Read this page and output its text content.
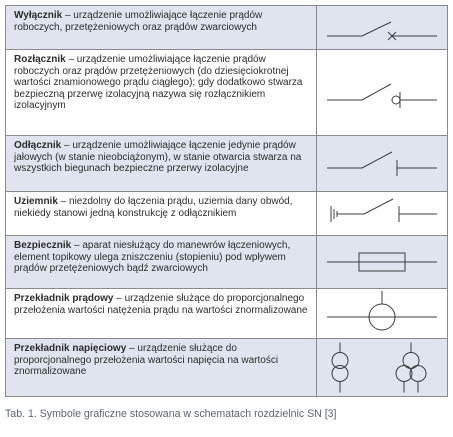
Wyłącznik – urządzenie umożliwiające łączenie prądów roboczych, przetężeniowych oraz prądów zwarciowych
Rozłącznik – urządzenie umożliwiające łączenie prądów roboczych oraz prądów przetężeniowych (do dziesięciokrotnej wartości znamionowego prądu ciągłego); gdy dodatkowo stwarza bezpieczną przerwę izolacyjną nazywa się rozłącznikiem izolacyjnym
Odłącznik – urządzenie umożliwiające łączenie jedynie prądów jałowych (w stanie nieobciążonym), w stanie otwarcia stwarza na wszystkich biegunach bezpieczne przerwy izolacyjne
Uziemnik – niezdolny do łączenia prądu, uziemia dany obwód, niekiedy stanowi jedną konstrukcję z odłącznikiem
Bezpiecznik – aparat niesłużący do manewrów łączeniowych, element topikowy ulega zniszczeniu (stopieniu) pod wpływem prądów przetężeniowych bądź zwarciowych
Przekładnik prądowy – urządzenie służące do proporcjonalnego przełożenia wartości natężenia prądu na wartości znormalizowane
Przekładnik napięciowy – urządzenie służące do proporcjonalnego przełożenia wartości napięcia na wartości znormalizowane
Tab. 1. Symbole graficzne stosowana w schematach rozdzielnic SN [3]
